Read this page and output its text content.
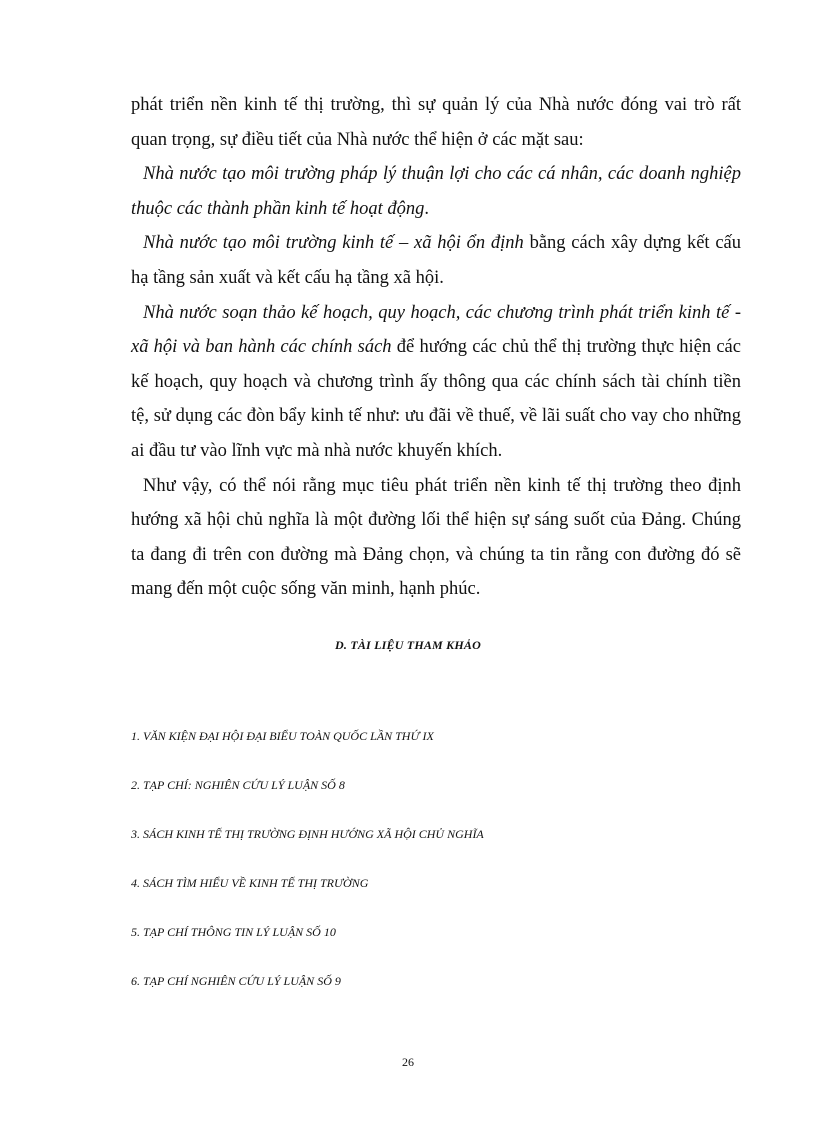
phát triển nền kinh tế thị trường, thì sự quản lý của Nhà nước đóng vai trò rất quan trọng, sự điều tiết của Nhà nước thể hiện ở các mặt sau:

Nhà nước tạo môi trường pháp lý thuận lợi cho các cá nhân, các doanh nghiệp thuộc các thành phần kinh tế hoạt động.

Nhà nước tạo môi trường kinh tế – xã hội ổn định bằng cách xây dựng kết cấu hạ tầng sản xuất và kết cấu hạ tầng xã hội.

Nhà nước soạn thảo kế hoạch, quy hoạch, các chương trình phát triển kinh tế - xã hội và ban hành các chính sách để hướng các chủ thể thị trường thực hiện các kế hoạch, quy hoạch và chương trình ấy thông qua các chính sách tài chính tiền tệ, sử dụng các đòn bẩy kinh tế như: ưu đãi về thuế, về lãi suất cho vay cho những ai đầu tư vào lĩnh vực mà nhà nước khuyến khích.

Như vậy, có thể nói rằng mục tiêu phát triển nền kinh tế thị trường theo định hướng xã hội chủ nghĩa là một đường lối thể hiện sự sáng suốt của Đảng. Chúng ta đang đi trên con đường mà Đảng chọn, và chúng ta tin rằng con đường đó sẽ mang đến một cuộc sống văn minh, hạnh phúc.

D. TÀI LIỆU THAM KHẢO
1. VĂN KIỆN ĐẠI HỘI ĐẠI BIỂU TOÀN QUỐC LẦN THỨ IX
2. TẠP CHÍ: NGHIÊN CỨU LÝ LUẬN SỐ 8
3. SÁCH KINH TẾ THỊ TRƯỜNG ĐỊNH HƯỚNG XÃ HỘI CHỦ NGHĨA
4. SÁCH TÌM HIỂU VỀ KINH TẾ THỊ TRƯỜNG
5. TẠP CHÍ THÔNG TIN LÝ LUẬN SỐ 10
6. TẠP CHÍ NGHIÊN CỨU LÝ LUẬN SỐ 9
26
